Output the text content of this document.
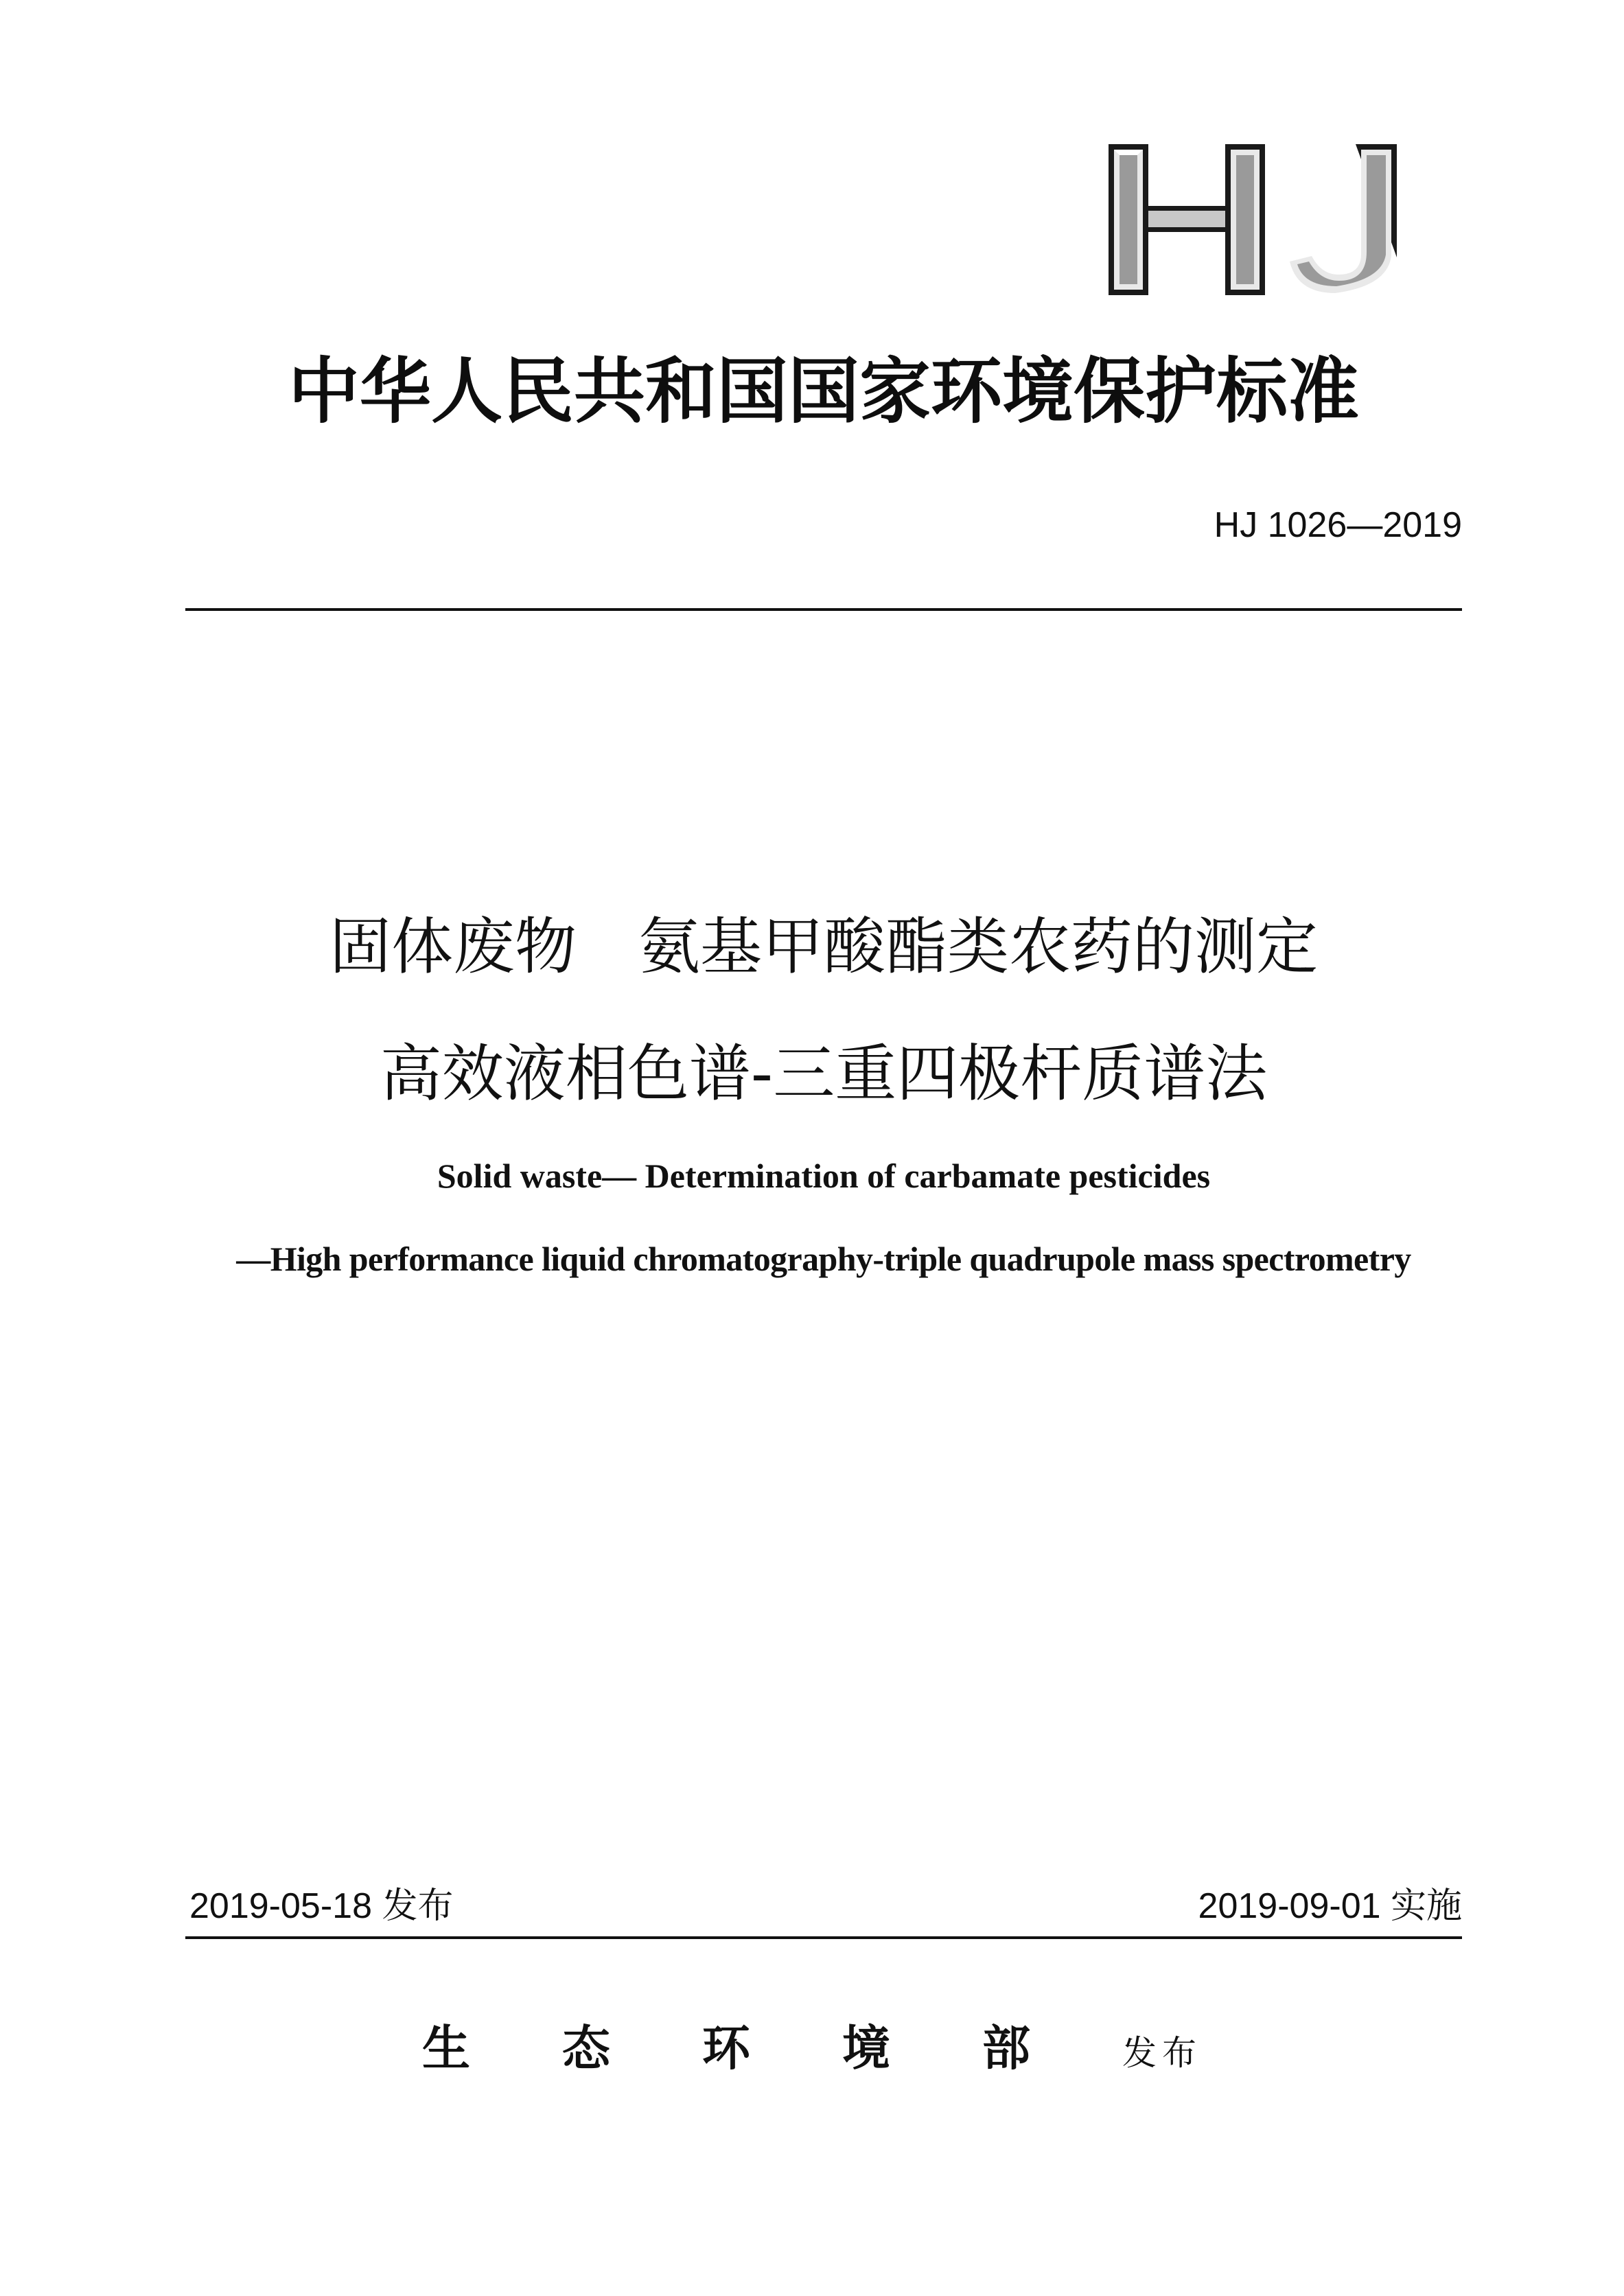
中华人民共和国国家环境保护标准
HJ 1026—2019
固体废物　氨基甲酸酯类农药的测定
高效液相色谱-三重四极杆质谱法
Solid waste— Determination of carbamate pesticides
—High performance liquid chromatography-triple quadrupole mass spectrometry
2019-05-18 发布	2019-09-01 实施
生态环境部发布
